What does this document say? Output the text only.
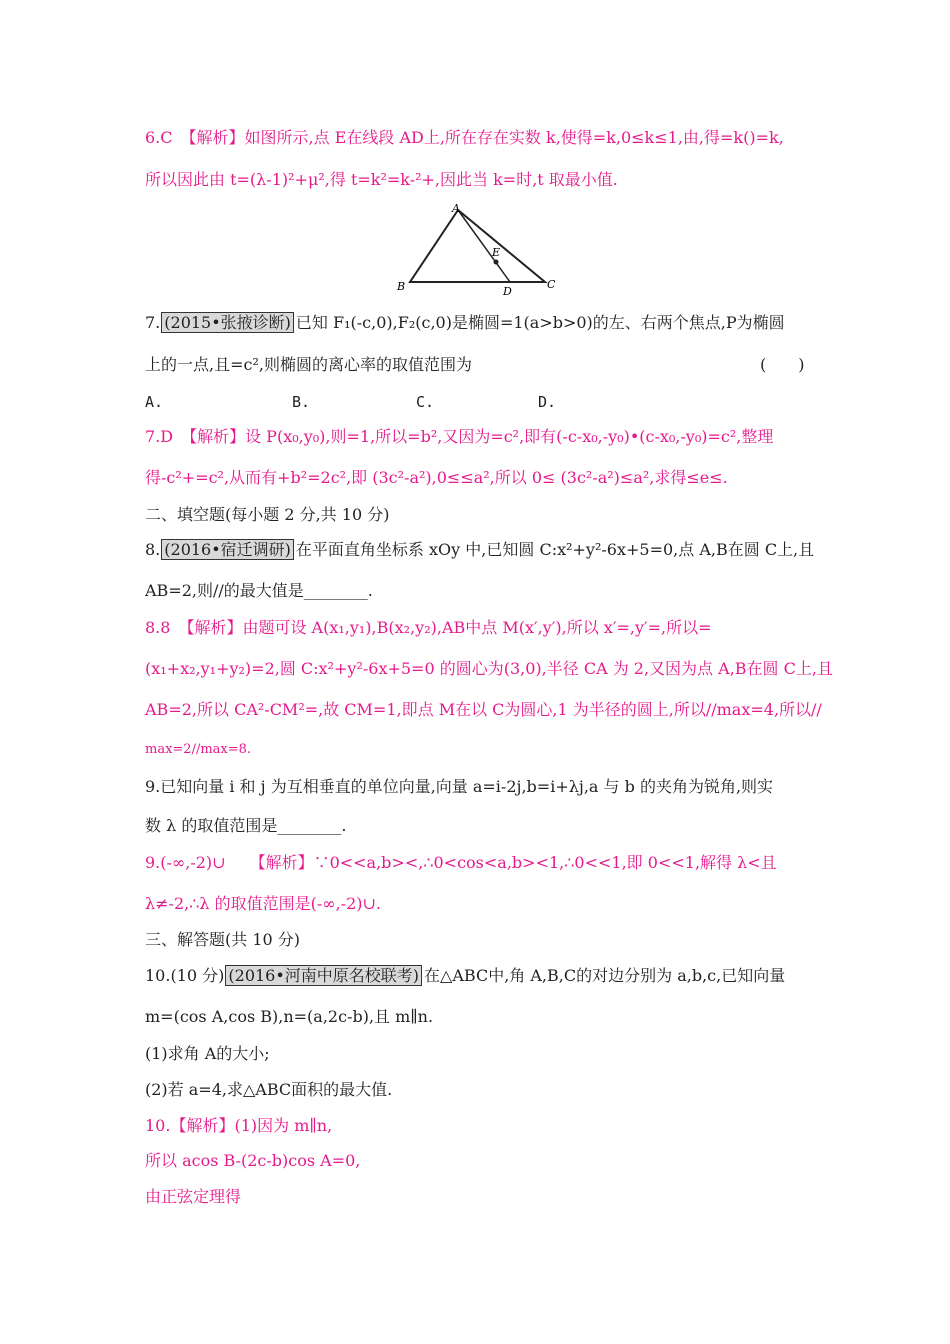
6.C　【解析】如图所示,点 E在线段 AD上,所在存在实数 k,使得=k,0≤k≤1,由,得=k()=k,
所以因此由 t=(λ-1)²+μ²,得 t=k²=k-²+,因此当 k=时,t 取最小值.
A
B	C
D
E
7. (2015•张掖诊断) 已知 F₁(-c,0),F₂(c,0)是椭圆=1(a>b>0)的左、右两个焦点,P为椭圆
上的一点,且=c²,则椭圆的离心率的取值范围为	(　　)
A.	B.	C.	D.
7.D　【解析】设 P(x₀,y₀),则=1,所以=b²,又因为=c²,即有(-c-x₀,-y₀)•(c-x₀,-y₀)=c²,整理
得-c²+=c²,从而有+b²=2c²,即 (3c²-a²),0≤≤a²,所以 0≤ (3c²-a²)≤a²,求得≤e≤.
二、填空题(每小题 2 分,共 10 分)
8. (2016•宿迁调研) 在平面直角坐标系 xOy 中,已知圆 C:x²+y²-6x+5=0,点 A,B在圆 C上,且
AB=2,则//的最大值是________.
8.8　【解析】由题可设 A(x₁,y₁),B(x₂,y₂),AB中点 M(x′,y′),所以 x′=,y′=,所以=
(x₁+x₂,y₁+y₂)=2,圆 C:x²+y²-6x+5=0 的圆心为(3,0),半径 CA 为 2,又因为点 A,B在圆 C上,且
AB=2,所以 CA²-CM²=,故 CM=1,即点 M在以 C为圆心,1 为半径的圆上,所以//max=4,所以//
max=2//max=8.
9.已知向量 i 和 j 为互相垂直的单位向量,向量 a=i-2j,b=i+λj,a 与 b 的夹角为锐角,则实
数 λ 的取值范围是________.
9.(-∞,-2)∪　　【解析】∵0<<a,b><,∴0<cos<a,b><1,∴0<<1,即 0<<1,解得 λ<且
λ≠-2,∴λ 的取值范围是(-∞,-2)∪.
三、解答题(共 10 分)
10.(10 分) (2016•河南中原名校联考) 在△ABC中,角 A,B,C的对边分别为 a,b,c,已知向量
m=(cos A,cos B),n=(a,2c-b),且 m∥n.
(1)求角 A的大小;
(2)若 a=4,求△ABC面积的最大值.
10.【解析】(1)因为 m∥n,
所以 acos B-(2c-b)cos A=0,
由正弦定理得
